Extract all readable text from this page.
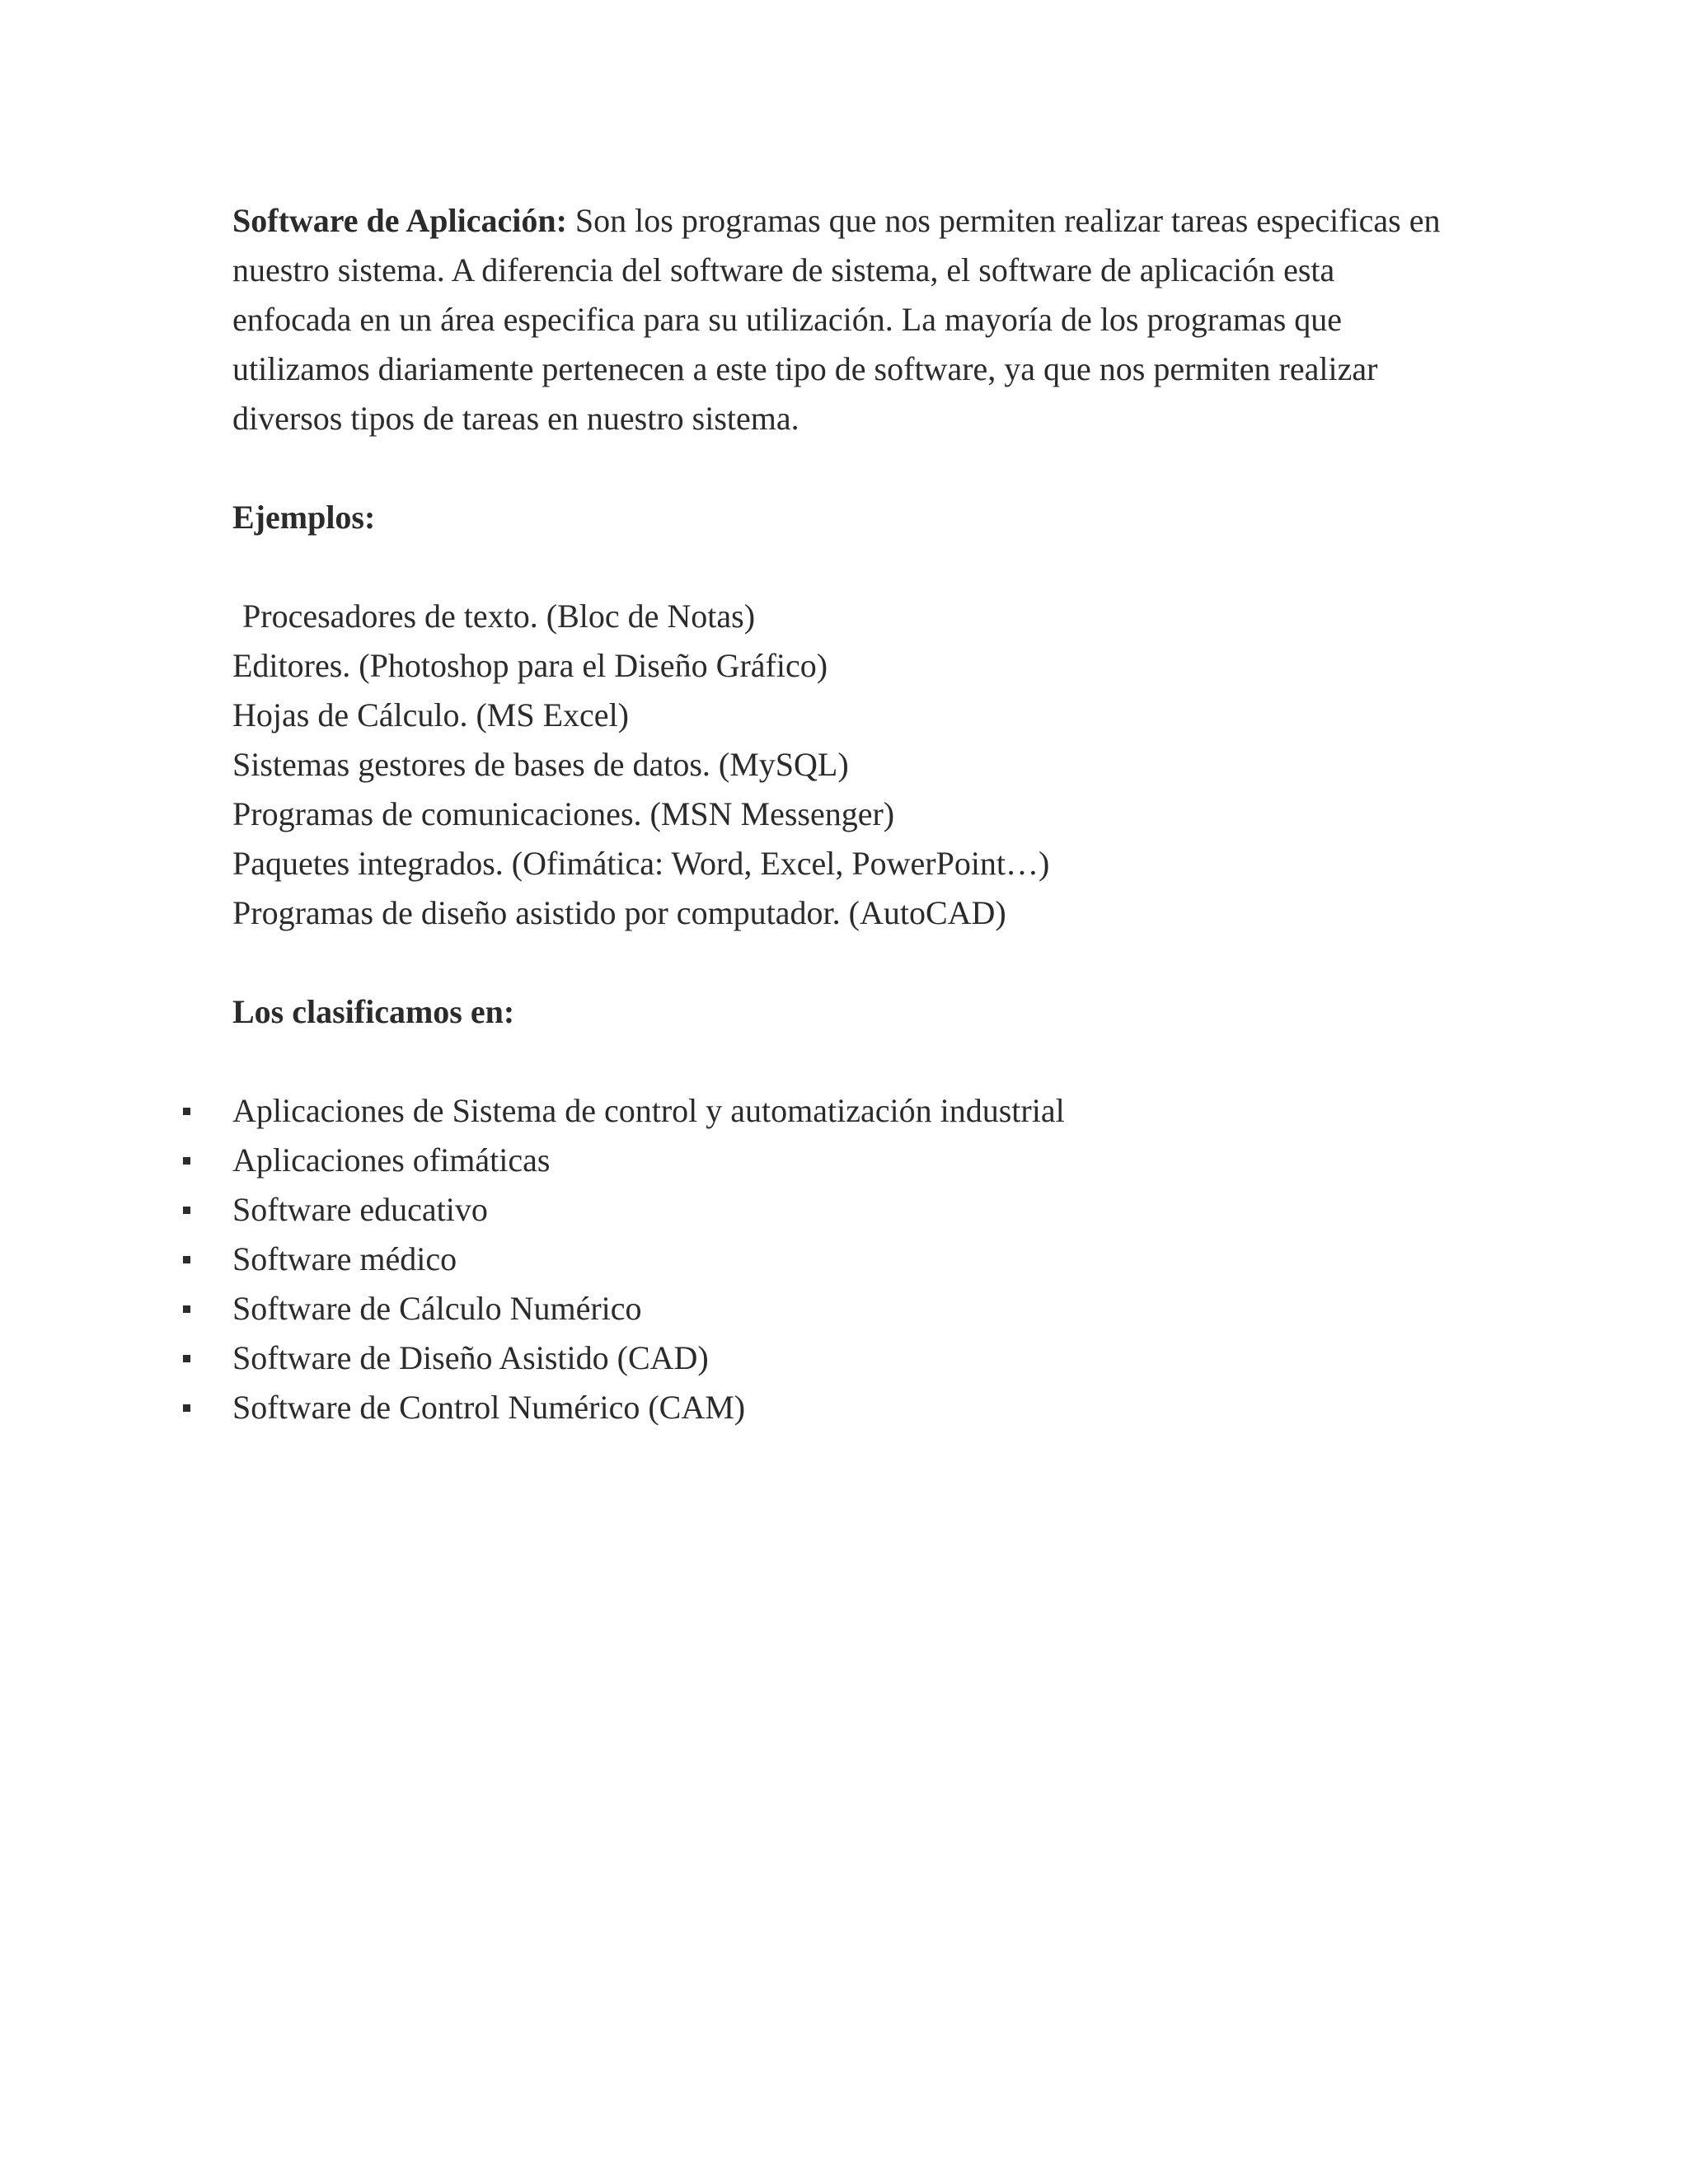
Software de Aplicación: Son los programas que nos permiten realizar tareas especificas en nuestro sistema. A diferencia del software de sistema, el software de aplicación esta enfocada en un área especifica para su utilización. La mayoría de los programas que utilizamos diariamente pertenecen a este tipo de software, ya que nos permiten realizar diversos tipos de tareas en nuestro sistema.

Ejemplos:

Procesadores de texto. (Bloc de Notas)
Editores. (Photoshop para el Diseño Gráfico)
Hojas de Cálculo. (MS Excel)
Sistemas gestores de bases de datos. (MySQL)
Programas de comunicaciones. (MSN Messenger)
Paquetes integrados. (Ofimática: Word, Excel, PowerPoint…)
Programas de diseño asistido por computador. (AutoCAD)

Los clasificamos en:

Aplicaciones de Sistema de control y automatización industrial
Aplicaciones ofimáticas
Software educativo
Software médico
Software de Cálculo Numérico
Software de Diseño Asistido (CAD)
Software de Control Numérico (CAM)
